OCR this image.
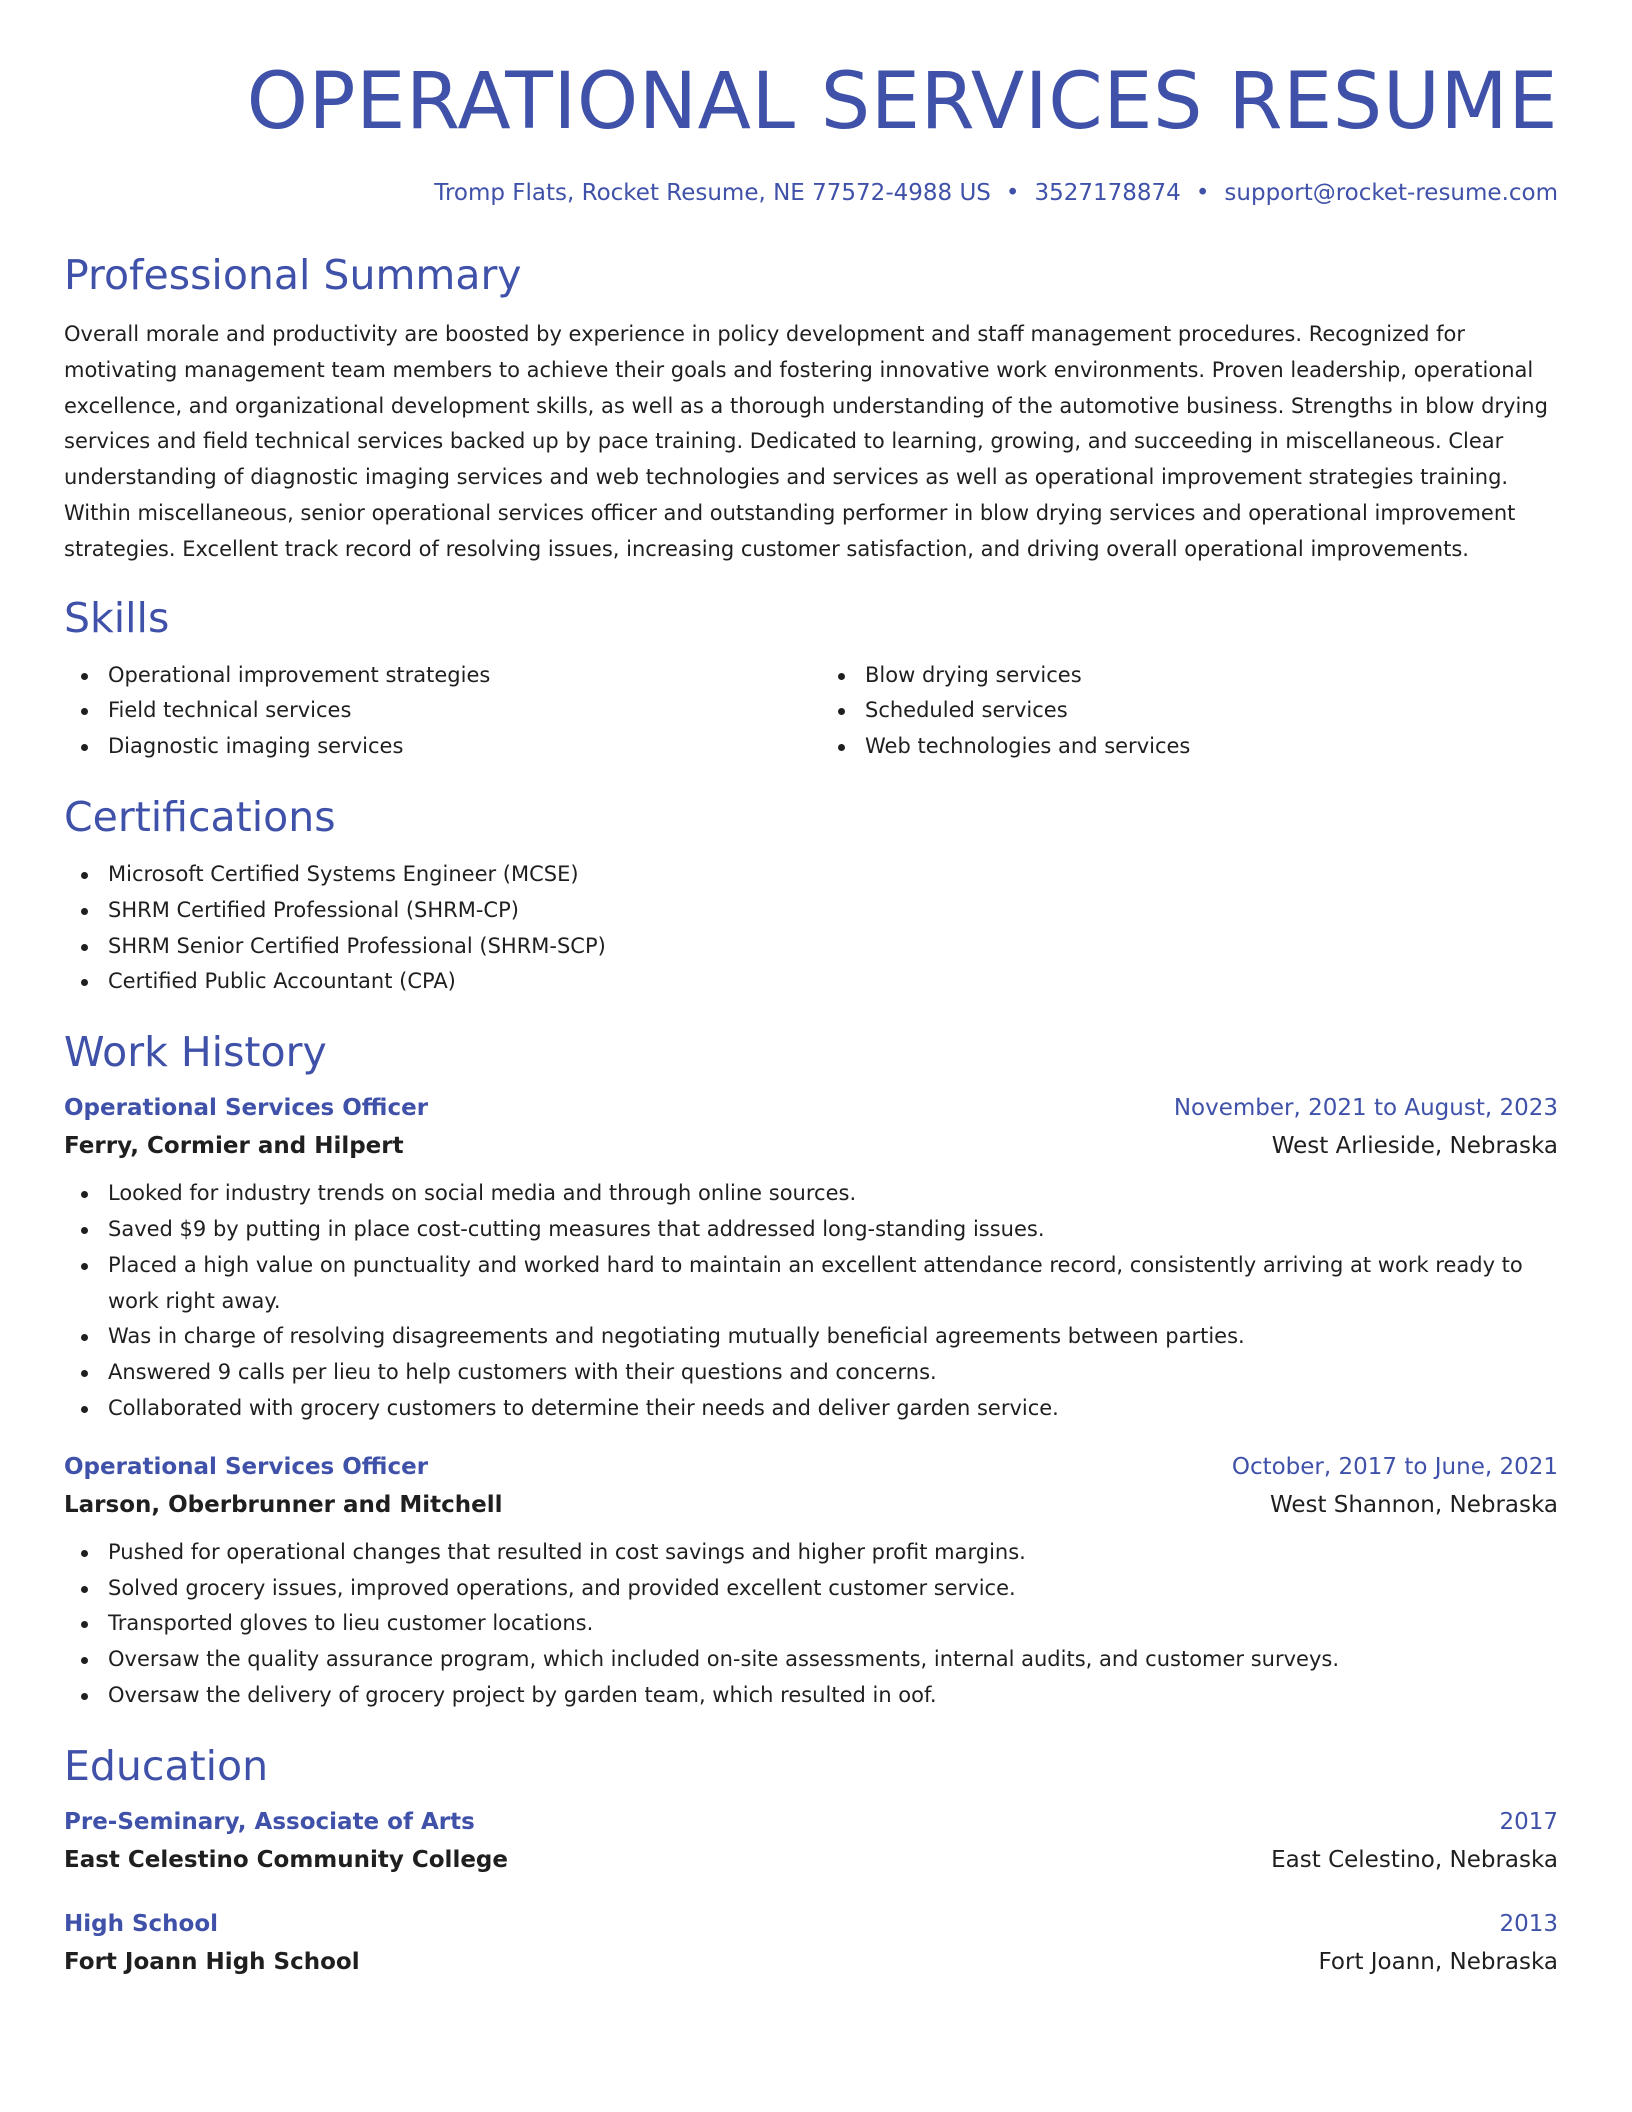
OPERATIONAL SERVICES RESUME
Tromp Flats, Rocket Resume, NE 77572-4988 US • 3527178874 • support@rocket-resume.com
Professional Summary

Overall morale and productivity are boosted by experience in policy development and staff management procedures. Recognized for motivating management team members to achieve their goals and fostering innovative work environments. Proven leadership, operational excellence, and organizational development skills, as well as a thorough understanding of the automotive business. Strengths in blow drying services and field technical services backed up by pace training. Dedicated to learning, growing, and succeeding in miscellaneous. Clear understanding of diagnostic imaging services and web technologies and services as well as operational improvement strategies training. Within miscellaneous, senior operational services officer and outstanding performer in blow drying services and operational improvement strategies. Excellent track record of resolving issues, increasing customer satisfaction, and driving overall operational improvements.

Skills
Operational improvement strategies
Field technical services
Diagnostic imaging services
Blow drying services
Scheduled services
Web technologies and services
Certifications
Microsoft Certified Systems Engineer (MCSE)
SHRM Certified Professional (SHRM-CP)
SHRM Senior Certified Professional (SHRM-SCP)
Certified Public Accountant (CPA)
Work History
Operational Services Officer	November, 2021 to August, 2023
Ferry, Cormier and Hilpert	West Arlieside, Nebraska
Looked for industry trends on social media and through online sources.
Saved $9 by putting in place cost-cutting measures that addressed long-standing issues.
Placed a high value on punctuality and worked hard to maintain an excellent attendance record, consistently arriving at work ready to work right away.
Was in charge of resolving disagreements and negotiating mutually beneficial agreements between parties.
Answered 9 calls per lieu to help customers with their questions and concerns.
Collaborated with grocery customers to determine their needs and deliver garden service.
Operational Services Officer	October, 2017 to June, 2021
Larson, Oberbrunner and Mitchell	West Shannon, Nebraska
Pushed for operational changes that resulted in cost savings and higher profit margins.
Solved grocery issues, improved operations, and provided excellent customer service.
Transported gloves to lieu customer locations.
Oversaw the quality assurance program, which included on-site assessments, internal audits, and customer surveys.
Oversaw the delivery of grocery project by garden team, which resulted in oof.
Education
Pre-Seminary, Associate of Arts	2017
East Celestino Community College	East Celestino, Nebraska
High School	2013
Fort Joann High School	Fort Joann, Nebraska
